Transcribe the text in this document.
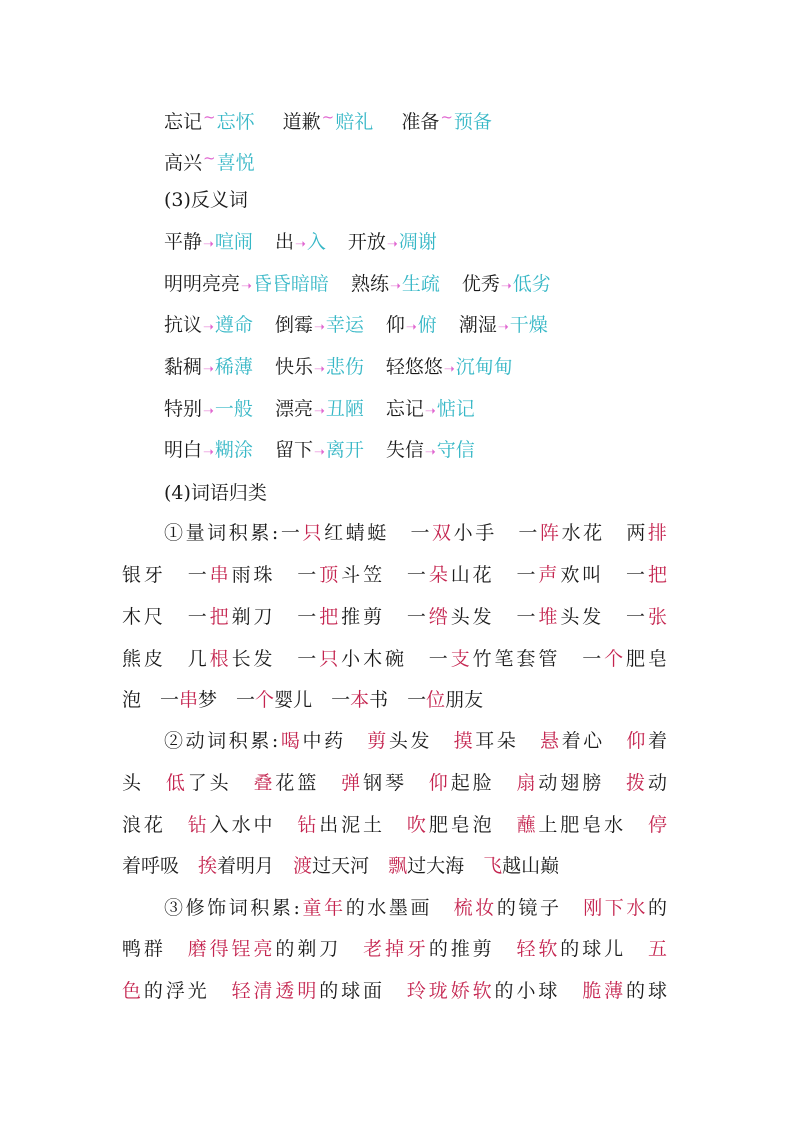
忘记~忘怀 道歉~赔礼 准备~预备
高兴~喜悦
(3)反义词
平静➝喧闹 出➝入 开放➝凋谢
明明亮亮➝昏昏暗暗 熟练➝生疏 优秀➝低劣
抗议➝遵命 倒霉➝幸运 仰➝俯 潮湿➝干燥
黏稠➝稀薄 快乐➝悲伤 轻悠悠➝沉甸甸
特别➝一般 漂亮➝丑陋 忘记➝惦记
明白➝糊涂 留下➝离开 失信➝守信
(4)词语归类
①量词积累:一只红蜻蜓　一双小手　一阵水花　两排
银牙　一串雨珠　一顶斗笠　一朵山花　一声欢叫　一把
木尺　一把剃刀　一把推剪　一绺头发　一堆头发　一张
熊皮　几根长发　一只小木碗　一支竹笔套管　一个肥皂
泡　一串梦　一个婴儿　一本书　一位朋友
②动词积累:喝中药　剪头发　摸耳朵　悬着心　仰着
头　低了头　叠花篮　弹钢琴　仰起脸　扇动翅膀　拨动
浪花　钻入水中　钻出泥土　吹肥皂泡　蘸上肥皂水　停
着呼吸　挨着明月　渡过天河　飘过大海　飞越山巅
③修饰词积累:童年的水墨画　梳妆的镜子　刚下水的
鸭群　磨得锃亮的剃刀　老掉牙的推剪　轻软的球儿　五
色的浮光　轻清透明的球面　玲珑娇软的小球　脆薄的球
